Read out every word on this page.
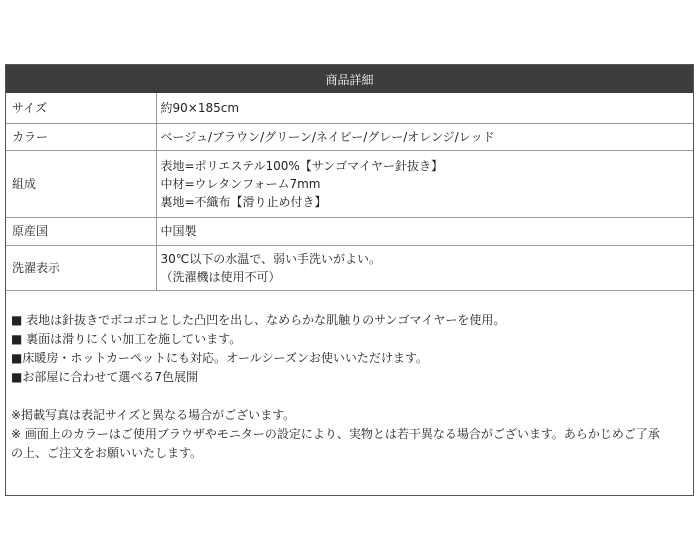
商品詳細
サイズ	約90×185cm

カラー	ベージュ/ブラウン/グリーン/ネイビー/グレー/オレンジ/レッド

組成	表地=ポリエステル100%【サンゴマイヤー針抜き】
中材=ウレタンフォーム7mm
裏地=不織布【滑り止め付き】

原産国	中国製

洗濯表示	30℃以下の水温で、弱い手洗いがよい。
（洗濯機は使用不可）
■ 表地は針抜きでボコボコとした凸凹を出し、なめらかな肌触りのサンゴマイヤーを使用。
■ 裏面は滑りにくい加工を施しています。
■床暖房・ホットカーペットにも対応。オールシーズンお使いいただけます。
■お部屋に合わせて選べる7色展開
※掲載写真は表記サイズと異なる場合がございます。
※ 画面上のカラーはご使用ブラウザやモニターの設定により、実物とは若干異なる場合がございます。あらかじめご了承
の上、ご注文をお願いいたします。
